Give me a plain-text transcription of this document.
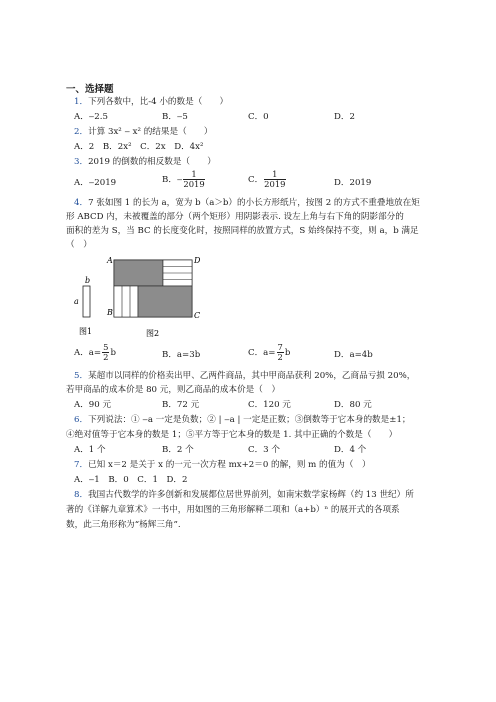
一、选择题
1．下列各数中，比-4 小的数是（　　）
A．‒2.5	B．‒5	C．0	D．2
2．计算 3x² ‒ x² 的结果是（　　）
A．2　B．2x²　C．2x　D．4x²
3．2019 的倒数的相反数是（　　）
A．‒2019	B．‒ $\frac{1}{2019}$	C． $\frac{1}{2019}$	D．2019
4．7 张如图 1 的长为 a，宽为 b（a＞b）的小长方形纸片，按图 2 的方式不重叠地放在矩
形 ABCD 内，未被覆盖的部分（两个矩形）用阴影表示. 设左上角与右下角的阴影部分的
面积的差为 S，当 BC 的长度变化时，按照同样的放置方式，S 始终保持不变，则 a，b 满足
（　）
b
a
图1
A	D
B	C
图2
A．$a= \frac{5}{2}$ b	B．a=3b	C．$a= \frac{7}{2}$ b	D．a=4b
5．某超市以同样的价格卖出甲、乙两件商品，其中甲商品获利 20%，乙商品亏损 20%，
若甲商品的成本价是 80 元，则乙商品的成本价是（　）
A．90 元	B．72 元	C．120 元	D．80 元
6．下列说法：① ‒a 一定是负数；② | ‒a | 一定是正数；③倒数等于它本身的数是±1；
④绝对值等于它本身的数是 1；⑤平方等于它本身的数是 1. 其中正确的个数是（　　）
A．1 个	B．2 个	C．3 个	D．4 个
7．已知 x＝2 是关于 x 的一元一次方程 mx+2＝0 的解，则 m 的值为（　）
A．‒1　B．0　C．1　D．2
8．我国古代数学的许多创新和发展都位居世界前列，如南宋数学家杨辉（约 13 世纪）所
著的《详解九章算术》一书中，用如图的三角形解释二项和（a+b）ⁿ 的展开式的各项系
数，此三角形称为“杨辉三角”.
